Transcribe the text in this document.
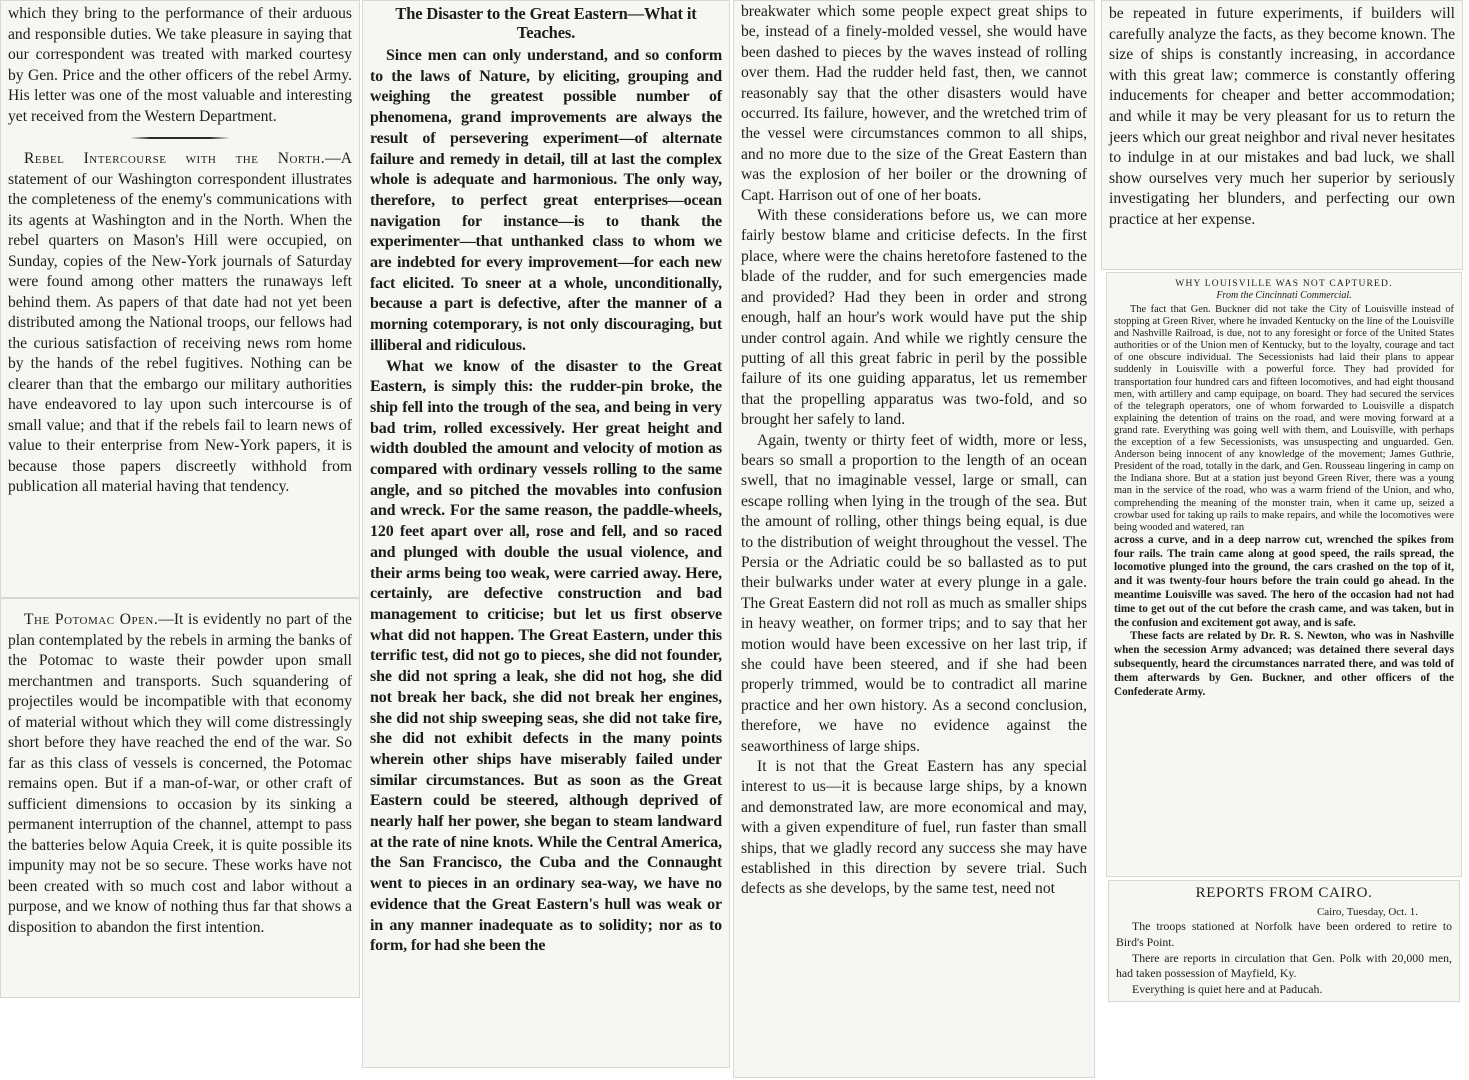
which they bring to the performance of their arduous and responsible duties. We take pleasure in saying that our correspondent was treated with marked courtesy by Gen. Price and the other officers of the rebel Army. His letter was one of the most valuable and interesting yet received from the Western Department.

Rebel Intercourse with the North.—A statement of our Washington correspondent illustrates the completeness of the enemy's communications with its agents at Washington and in the North. When the rebel quarters on Mason's Hill were occupied, on Sunday, copies of the New-York journals of Saturday were found among other matters the runaways left behind them. As papers of that date had not yet been distributed among the National troops, our fellows had the curious satisfaction of receiving news rom home by the hands of the rebel fugitives. Nothing can be clearer than that the embargo our military authorities have endeavored to lay upon such intercourse is of small value; and that if the rebels fail to learn news of value to their enterprise from New-York papers, it is because those papers discreetly withhold from publication all material having that tendency.

The Potomac Open.—It is evidently no part of the plan contemplated by the rebels in arming the banks of the Potomac to waste their powder upon small merchantmen and transports. Such squandering of projectiles would be incompatible with that economy of material without which they will come distressingly short before they have reached the end of the war. So far as this class of vessels is concerned, the Potomac remains open. But if a man-of-war, or other craft of sufficient dimensions to occasion by its sinking a permanent interruption of the channel, attempt to pass the batteries below Aquia Creek, it is quite possible its impunity may not be so secure. These works have not been created with so much cost and labor without a purpose, and we know of nothing thus far that shows a disposition to abandon the first intention.

The Disaster to the Great Eastern—What it Teaches.

Since men can only understand, and so conform to the laws of Nature, by eliciting, grouping and weighing the greatest possible number of phenomena, grand improvements are always the result of persevering experiment—of alternate failure and remedy in detail, till at last the complex whole is adequate and harmonious. The only way, therefore, to perfect great enterprises—ocean navigation for instance—is to thank the experimenter—that unthanked class to whom we are indebted for every improvement—for each new fact elicited. To sneer at a whole, unconditionally, because a part is defective, after the manner of a morning cotemporary, is not only discouraging, but illiberal and ridiculous.

What we know of the disaster to the Great Eastern, is simply this: the rudder-pin broke, the ship fell into the trough of the sea, and being in very bad trim, rolled excessively. Her great height and width doubled the amount and velocity of motion as compared with ordinary vessels rolling to the same angle, and so pitched the movables into confusion and wreck. For the same reason, the paddle-wheels, 120 feet apart over all, rose and fell, and so raced and plunged with double the usual violence, and their arms being too weak, were carried away. Here, certainly, are defective construction and bad management to criticise; but let us first observe what did not happen. The Great Eastern, under this terrific test, did not go to pieces, she did not founder, she did not spring a leak, she did not hog, she did not break her back, she did not break her engines, she did not ship sweeping seas, she did not take fire, she did not exhibit defects in the many points wherein other ships have miserably failed under similar circumstances. But as soon as the Great Eastern could be steered, although deprived of nearly half her power, she began to steam landward at the rate of nine knots. While the Central America, the San Francisco, the Cuba and the Connaught went to pieces in an ordinary sea-way, we have no evidence that the Great Eastern's hull was weak or in any manner inadequate as to solidity; nor as to form, for had she been the

breakwater which some people expect great ships to be, instead of a finely-molded vessel, she would have been dashed to pieces by the waves instead of rolling over them. Had the rudder held fast, then, we cannot reasonably say that the other disasters would have occurred. Its failure, however, and the wretched trim of the vessel were circumstances common to all ships, and no more due to the size of the Great Eastern than was the explosion of her boiler or the drowning of Capt. Harrison out of one of her boats.

With these considerations before us, we can more fairly bestow blame and criticise defects. In the first place, where were the chains heretofore fastened to the blade of the rudder, and for such emergencies made and provided? Had they been in order and strong enough, half an hour's work would have put the ship under control again. And while we rightly censure the putting of all this great fabric in peril by the possible failure of its one guiding apparatus, let us remember that the propelling apparatus was two-fold, and so brought her safely to land.

Again, twenty or thirty feet of width, more or less, bears so small a proportion to the length of an ocean swell, that no imaginable vessel, large or small, can escape rolling when lying in the trough of the sea. But the amount of rolling, other things being equal, is due to the distribution of weight throughout the vessel. The Persia or the Adriatic could be so ballasted as to put their bulwarks under water at every plunge in a gale. The Great Eastern did not roll as much as smaller ships in heavy weather, on former trips; and to say that her motion would have been excessive on her last trip, if she could have been steered, and if she had been properly trimmed, would be to contradict all marine practice and her own history. As a second conclusion, therefore, we have no evidence against the seaworthiness of large ships.

It is not that the Great Eastern has any special interest to us—it is because large ships, by a known and demonstrated law, are more economical and may, with a given expenditure of fuel, run faster than small ships, that we gladly record any success she may have established in this direction by severe trial. Such defects as she develops, by the same test, need not

be repeated in future experiments, if builders will carefully analyze the facts, as they become known. The size of ships is constantly increasing, in accordance with this great law; commerce is constantly offering inducements for cheaper and better accommodation; and while it may be very pleasant for us to return the jeers which our great neighbor and rival never hesitates to indulge in at our mistakes and bad luck, we shall show ourselves very much her superior by seriously investigating her blunders, and perfecting our own practice at her expense.

WHY LOUISVILLE WAS NOT CAPTURED.
From the Cincinnati Commercial.

The fact that Gen. Buckner did not take the City of Louisville instead of stopping at Green River, where he invaded Kentucky on the line of the Louisville and Nashville Railroad, is due, not to any foresight or force of the United States authorities or of the Union men of Kentucky, but to the loyalty, courage and tact of one obscure individual. The Secessionists had laid their plans to appear suddenly in Louisville with a powerful force. They had provided for transportation four hundred cars and fifteen locomotives, and had eight thousand men, with artillery and camp equipage, on board. They had secured the services of the telegraph operators, one of whom forwarded to Louisville a dispatch explaining the detention of trains on the road, and were moving forward at a grand rate. Everything was going well with them, and Louisville, with perhaps the exception of a few Secessionists, was unsuspecting and unguarded. Gen. Anderson being innocent of any knowledge of the movement; James Guthrie, President of the road, totally in the dark, and Gen. Rousseau lingering in camp on the Indiana shore. But at a station just beyond Green River, there was a young man in the service of the road, who was a warm friend of the Union, and who, comprehending the meaning of the monster train, when it came up, seized a crowbar used for taking up rails to make repairs, and while the locomotives were being wooded and watered, ran

across a curve, and in a deep narrow cut, wrenched the spikes from four rails. The train came along at good speed, the rails spread, the locomotive plunged into the ground, the cars crashed on the top of it, and it was twenty-four hours before the train could go ahead. In the meantime Louisville was saved. The hero of the occasion had not had time to get out of the cut before the crash came, and was taken, but in the confusion and excitement got away, and is safe.

These facts are related by Dr. R. S. Newton, who was in Nashville when the secession Army advanced; was detained there several days subsequently, heard the circumstances narrated there, and was told of them afterwards by Gen. Buckner, and other officers of the Confederate Army.

REPORTS FROM CAIRO.
Cairo, Tuesday, Oct. 1.

The troops stationed at Norfolk have been ordered to retire to Bird's Point.

There are reports in circulation that Gen. Polk with 20,000 men, had taken possession of Mayfield, Ky.

Everything is quiet here and at Paducah.
